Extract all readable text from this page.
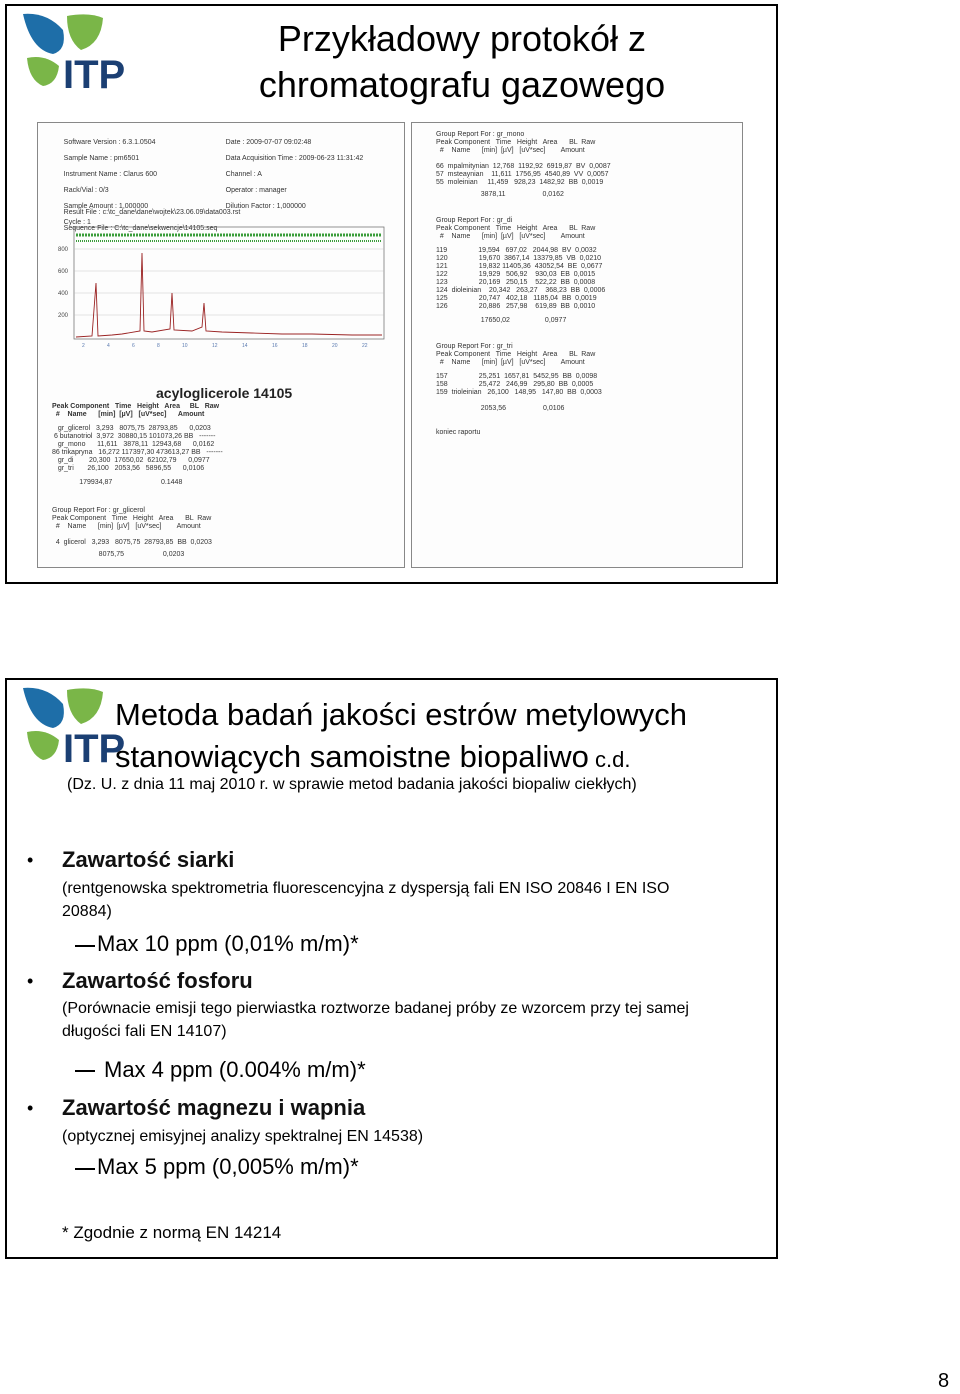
ITP
Przykładowy protokół z chromatografu gazowego

Software Version : 6.3.1.0504

Sample Name : pm6501

Instrument Name : Clarus 600

Rack/Vial : 0/3

Sample Amount : 1,000000

Cycle : 1

Date : 2009-07-07 09:02:48

Data Acquisition Time : 2009-06-23 11:31:42

Channel : A

Operator : manager

Dilution Factor : 1,000000

Result File : c:\tc_dane\dane\wojtek\23.06.09\data003.rst

Sequence File : C:\tc_dane\sekwencje\14105.seq

800
600
400
200
2	4	6	8	10	12	14	16	18	20	22
acyloglicerole 14105
Peak Component   Time   Height   Area     BL   Raw
#    Name      [min]  [µV]   [uV*sec]      Amount
gr_glicerol   3,293   8075,75  28793,85      0,0203
6 butanotriol  3,972  30880,15 101073,26 BB   -------
gr_mono      11,611   3878,11  12943,68      0,0162
86 trikapryna   16,272 117397,30 473613,27 BB   -------
gr_di        20,300  17650,02  62102,79      0,0977
gr_tri       26,100   2053,56   5896,55      0,0106
179934,87                         0.1448
Group Report For : gr_glicerol
Peak Component   Time   Height   Area      BL  Raw
#    Name      [min]  [µV]   [uV*sec]        Amount
4  glicerol   3,293   8075,75  28793,85  BB  0,0203
8075,75                    0,0203
Group Report For : gr_mono
Peak Component   Time   Height   Area      BL  Raw
#    Name      [min]  [µV]   [uV*sec]        Amount
66  mpalmitynian  12,768  1192,92  6919,87  BV  0,0087
57  msteaynian    11,611  1756,95  4540,89  VV  0,0057
55  moleinian     11,459   928,23  1482,92  BB  0,0019
3878,11                   0,0162
Group Report For : gr_di
Peak Component   Time   Height   Area      BL  Raw
#    Name      [min]  [µV]   [uV*sec]        Amount
119                19,594   697,02   2044,98  BV  0,0032
120                19,670  3867,14  13379,85  VB  0,0210
121                19,832 11405,36  43052,54  BE  0,0677
122                19,929   506,92    930,03  EB  0,0015
123                20,169   250,15    522,22  BB  0,0008
124  dioleinian    20,342   263,27    368,23  BB  0,0006
125                20,747   402,18   1185,04  BB  0,0019
126                20,886   257,98    619,89  BB  0,0010
17650,02                  0,0977
Group Report For : gr_tri
Peak Component   Time   Height   Area      BL  Raw
#    Name      [min]  [µV]   [uV*sec]        Amount
157                25,251  1657,81  5452,95  BB  0,0098
158                25,472   246,99   295,80  BB  0,0005
159  trioleinian   26,100   148,95   147,80  BB  0,0003
2053,56                   0,0106
koniec raportu
ITP
Metoda badań jakości estrów metylowych
stanowiących samoistne biopaliwo c.d.
(Dz. U. z dnia 11 maj 2010 r. w sprawie metod badania jakości biopaliw ciekłych)
• Zawartość siarki
(rentgenowska spektrometria fluorescencyjna z dyspersją fali EN ISO 20846 I EN ISO 20884)
Max 10 ppm (0,01% m/m)*
• Zawartość fosforu
(Porównacie emisji tego pierwiastka roztworze badanej próby ze wzorcem przy tej samej długości fali EN 14107)
Max 4 ppm (0.004% m/m)*
• Zawartość magnezu i wapnia
(optycznej emisyjnej analizy spektralnej EN 14538)
Max 5 ppm (0,005% m/m)*
* Zgodnie z normą EN 14214
8
